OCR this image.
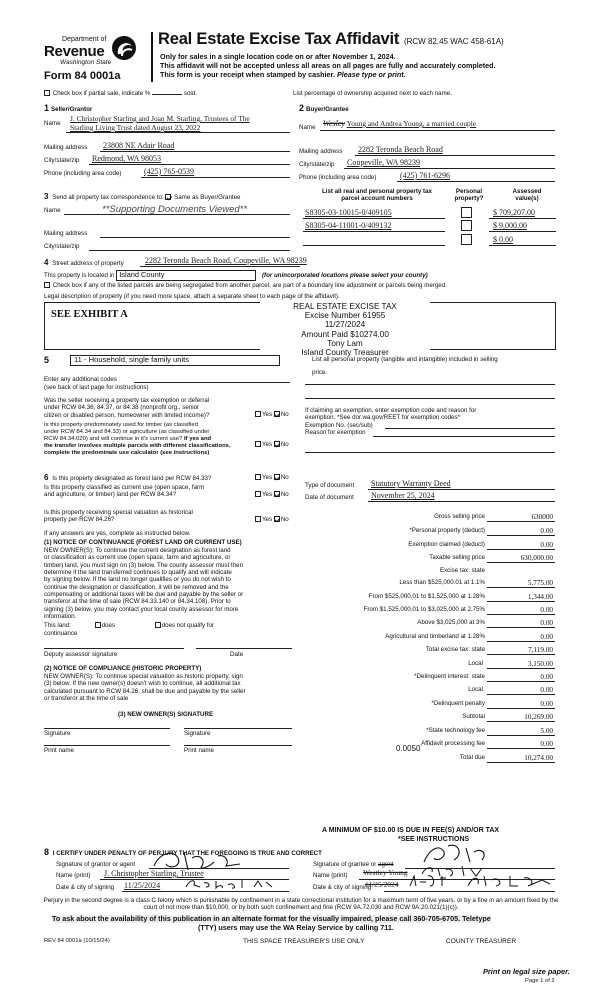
Department of
Revenue
Washington State
Form 84 0001a
Real Estate Excise Tax Affidavit (RCW 82.45 WAC 458-61A)
Only for sales in a single location code on or after November 1, 2024.
This affidavit will not be accepted unless all areas on all pages are fully and accurately completed.
This form is your receipt when stamped by cashier. Please type or print.
Check box if partial sale, indicate %	sold.	List percentage of ownership acquired next to each name.
1 Seller/Grantor
Name
J. Christopher Starling and Joan M. Starling, Trustees of The
Starling Living Trust dated August 23, 2022
Mailing address 23808 NE Adair Road
City/state/zip Redmond, WA 98053
Phone (including area code)	(425) 765-0539
2 Buyer/Grantee
Name Wesley Young and Andrea Young, a married couple
Mailing address 2282 Teronda Beach Road
City/state/zip Coupeville, WA 98239
Phone (including area code)	(425) 761-6296
3 Send all property tax correspondence to: Same as Buyer/Grantee
Name	**Supporting Documents Viewed**
Mailing address
City/state/zip
List all real and personal property tax
parcel account numbers
Personal
property?
Assessed
value(s)
S8305-03-10015-0/409105	$ 709,207.00
S8305-04-11001-0/409132	$ 9,000.00
$ 0.00
4 Street address of property	2282 Teronda Beach Road, Coupeville, WA 98239
This property is located in Island County	(for unincorporated locations please select your county)
Check box if any of the listed parcels are being segregated from another parcel, are part of a boundary line adjustment or parcels being merged.
Legal description of property (if you need more space, attach a separate sheet to each page of the affidavit).
SEE EXHIBIT A
REAL ESTATE EXCISE TAX
Excise Number 61955
11/27/2024
Amount Paid $10274.00
Tony Lam
Island County Treasurer
5	11 - Household, single family units	List all personal property (tangible and intangible) included in selling
price.
Enter any additional codes
(see back of last page for instructions)
Was the seller receiving a property tax exemption or deferral
under RCW 84.36, 84.37, or 84.38 (nonprofit org., senior
citizen or disabled person, homeowner with limited income)?	Yes No
Is this property predominately used for timber (as classified
under RCW 84.34 and 84.33) or agriculture (as classified under
RCW 84.34.020) and will continue in it's current use? If yes and
the transfer involves multiple parcels with different classifications,
complete the predominate use calculator (see instructions)
Yes No
If claiming an exemption, enter exemption code and reason for
exemption. *See dor.wa.gov/REET for exemption codes*
Exemption No. (sec/sub)
Reason for exemption
6 Is this property designated as forest land per RCW 84.33?	Yes No
Is this property classified as current use (open space, farm
and agriculture, or timber) land per RCW 84.34?	Yes No
Is this property receiving special valuation as historical
property per RCW 84.26?	Yes No
If any answers are yes, complete as instructed below.
(1) NOTICE OF CONTINUANCE (FOREST LAND OR CURRENT USE)
NEW OWNER(S): To continue the current designation as forest land
or classification as current use (open space, farm and agriculture, or
timber) land, you must sign on (3) below. The county assessor must then
determine if the land transferred continues to qualify and will indicate
by signing below. If the land no longer qualifies or you do not wish to
continue the designation or classification, it will be removed and the
compensating or additional taxes will be due and payable by the seller or
transferor at the time of sale (RCW 84.33.140 or 84.34.108). Prior to
signing (3) below, you may contact your local county assessor for more
information.
This land:	does	does not qualify for
continuance
Deputy assessor signature	Date
(2) NOTICE OF COMPLIANCE (HISTORIC PROPERTY)
NEW OWNER(S): To continue special valuation as historic property, sign
(3) below. If the new owner(s) doesn't wish to continue, all additional tax
calculated pursuant to RCW 84.26, shall be due and payable by the seller
or transferor at the time of sale
(3) NEW OWNER(S) SIGNATURE
Signature	Signature
Print name	Print name
Type of document Statutory Warranty Deed
Date of document November 25, 2024
Gross selling price	630000
*Personal property (deduct)	0.00
Exemption claimed (deduct)	0.00
Taxable selling price	630,000.00
Excise tax: state
Less than $525,000.01 at 1.1%	5,775.00
From $525,000.01 to $1,525,000 at 1.28%	1,344.00
From $1,525,000.01 to $3,025,000 at 2.75%	0.00
Above $3,025,000 at 3%	0.00
Agricultural and timberland at 1.28%	0.00
Total excise tax: state	7,119.00
Local	3,150.00
*Delinquent interest: state	0.00
Local	0.00
*Delinquent penalty	0.00
Subtotal	10,269.00
*State technology fee	5.00
Affidavit processing fee	0.00
Total due	10,274.00
0.0050
A MINIMUM OF $10.00 IS DUE IN FEE(S) AND/OR TAX
*SEE INSTRUCTIONS
8 I CERTIFY UNDER PENALTY OF PERJURY THAT THE FOREGOING IS TRUE AND CORRECT
Signature of grantor or agent
Name (print) J. Christopher Starling, Trustee
Date & city of signing 11/25/2024
Signature of grantee or agent
Name (print) Westley Young
Date & city of signing
11/25/2024
Perjury in the second degree is a class C felony which is punishable by confinement in a state correctional institution for a maximum term of five years, or by a fine in an amount fixed by the court of not more than $10,000, or by both such confinement and fine (RCW 9A.72.030 and RCW 9A.20.021(1)(c)).
To ask about the availability of this publication in an alternate format for the visually impaired, please call 360-705-6705. Teletype
(TTY) users may use the WA Relay Service by calling 711.
REV 84 0001a (10/15/24)	THIS SPACE TREASURER'S USE ONLY	COUNTY TREASURER
Print on legal size paper.
Page 1 of 2
